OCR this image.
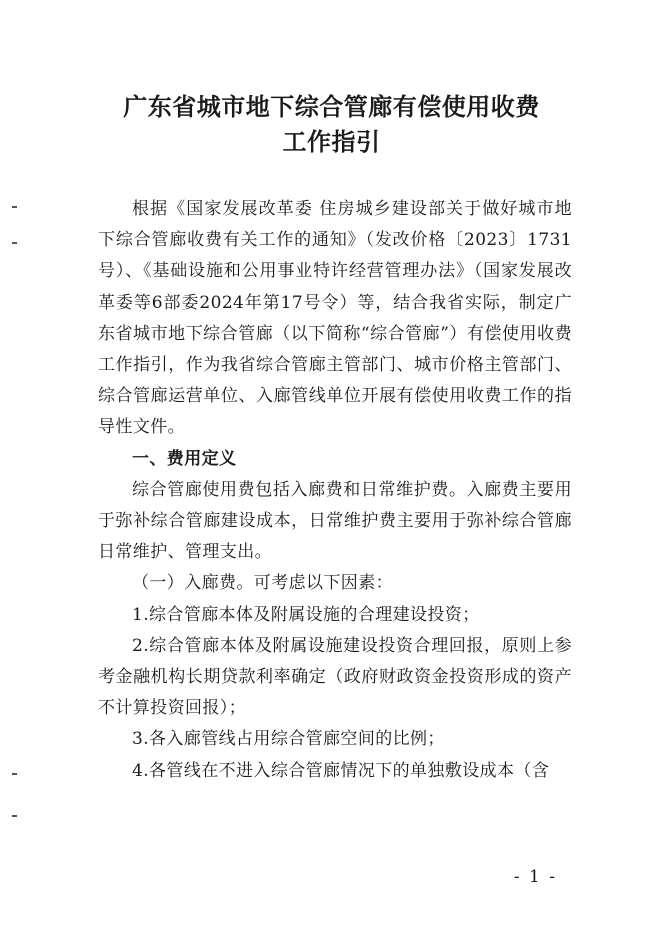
广东省城市地下综合管廊有偿使用收费
工作指引

根据《国家发展改革委 住房城乡建设部关于做好城市地下综合管廊收费有关工作的通知》（发改价格〔2023〕1731号）、《基础设施和公用事业特许经营管理办法》（国家发展改革委等6部委2024年第17号令）等，结合我省实际，制定广东省城市地下综合管廊（以下简称“综合管廊”）有偿使用收费工作指引，作为我省综合管廊主管部门、城市价格主管部门、综合管廊运营单位、入廊管线单位开展有偿使用收费工作的指导性文件。

一、费用定义

综合管廊使用费包括入廊费和日常维护费。入廊费主要用于弥补综合管廊建设成本，日常维护费主要用于弥补综合管廊日常维护、管理支出。

（一）入廊费。可考虑以下因素：

1.综合管廊本体及附属设施的合理建设投资；

2.综合管廊本体及附属设施建设投资合理回报，原则上参考金融机构长期贷款利率确定（政府财政资金投资形成的资产不计算投资回报）；

3.各入廊管线占用综合管廊空间的比例；

4.各管线在不进入综合管廊情况下的单独敷设成本（含

- 1 -
